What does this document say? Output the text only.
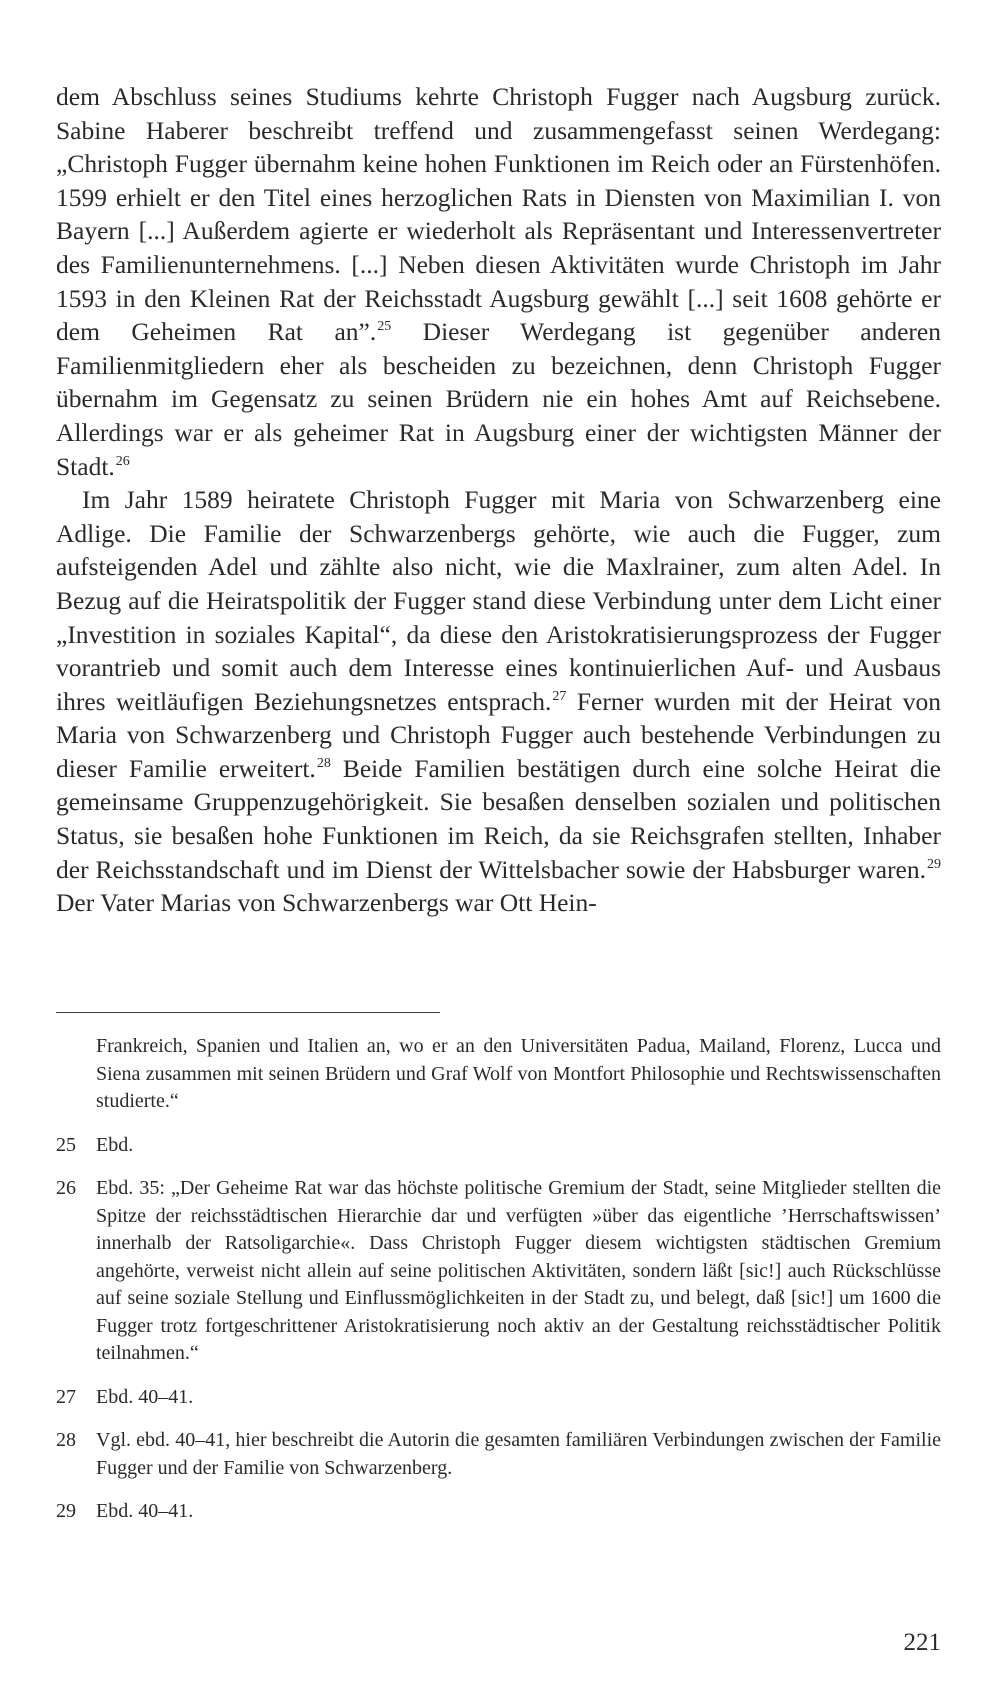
dem Abschluss seines Studiums kehrte Christoph Fugger nach Augsburg zurück. Sabine Haberer beschreibt treffend und zusammengefasst seinen Werdegang: „Christoph Fugger übernahm keine hohen Funktionen im Reich oder an Fürstenhöfen. 1599 erhielt er den Titel eines herzoglichen Rats in Diensten von Maximilian I. von Bayern [...] Außerdem agierte er wiederholt als Repräsentant und Interessenvertreter des Familienunternehmens. [...] Neben diesen Aktivitäten wurde Christoph im Jahr 1593 in den Kleinen Rat der Reichsstadt Augsburg gewählt [...] seit 1608 gehörte er dem Geheimen Rat an”.$^{25}$ Dieser Werdegang ist gegenüber anderen Familienmitgliedern eher als bescheiden zu bezeichnen, denn Christoph Fugger übernahm im Gegensatz zu seinen Brüdern nie ein hohes Amt auf Reichsebene. Allerdings war er als geheimer Rat in Augsburg einer der wichtigsten Männer der Stadt.$^{26}$

Im Jahr 1589 heiratete Christoph Fugger mit Maria von Schwarzenberg eine Adlige. Die Familie der Schwarzenbergs gehörte, wie auch die Fugger, zum aufsteigenden Adel und zählte also nicht, wie die Maxlrainer, zum alten Adel. In Bezug auf die Heiratspolitik der Fugger stand diese Verbindung unter dem Licht einer „Investition in soziales Kapital“, da diese den Aristokratisierungsprozess der Fugger vorantrieb und somit auch dem Interesse eines kontinuierlichen Auf- und Ausbaus ihres weitläufigen Beziehungsnetzes entsprach.$^{27}$ Ferner wurden mit der Heirat von Maria von Schwarzenberg und Christoph Fugger auch bestehende Verbindungen zu dieser Familie erweitert.$^{28}$ Beide Familien bestätigen durch eine solche Heirat die gemeinsame Gruppenzugehörigkeit. Sie besaßen denselben sozialen und politischen Status, sie besaßen hohe Funktionen im Reich, da sie Reichsgrafen stellten, Inhaber der Reichsstandschaft und im Dienst der Wittelsbacher sowie der Habsburger waren.$^{29}$ Der Vater Marias von Schwarzenbergs war Ott Hein-

Frankreich, Spanien und Italien an, wo er an den Universitäten Padua, Mailand, Florenz, Lucca und Siena zusammen mit seinen Brüdern und Graf Wolf von Montfort Philosophie und Rechtswissenschaften studierte.“
25	Ebd.
26	Ebd. 35: „Der Geheime Rat war das höchste politische Gremium der Stadt, seine Mitglieder stellten die Spitze der reichsstädtischen Hierarchie dar und verfügten »über das eigentliche ’Herrschaftswissen’ innerhalb der Ratsoligarchie«. Dass Christoph Fugger diesem wichtigsten städtischen Gremium angehörte, verweist nicht allein auf seine politischen Aktivitäten, sondern läßt [sic!] auch Rückschlüsse auf seine soziale Stellung und Einflussmöglichkeiten in der Stadt zu, und belegt, daß [sic!] um 1600 die Fugger trotz fortgeschrittener Aristokratisierung noch aktiv an der Gestaltung reichsstädtischer Politik teilnahmen.“
27	Ebd. 40–41.
28	Vgl. ebd. 40–41, hier beschreibt die Autorin die gesamten familiären Verbindungen zwischen der Familie Fugger und der Familie von Schwarzenberg.
29	Ebd. 40–41.
221
